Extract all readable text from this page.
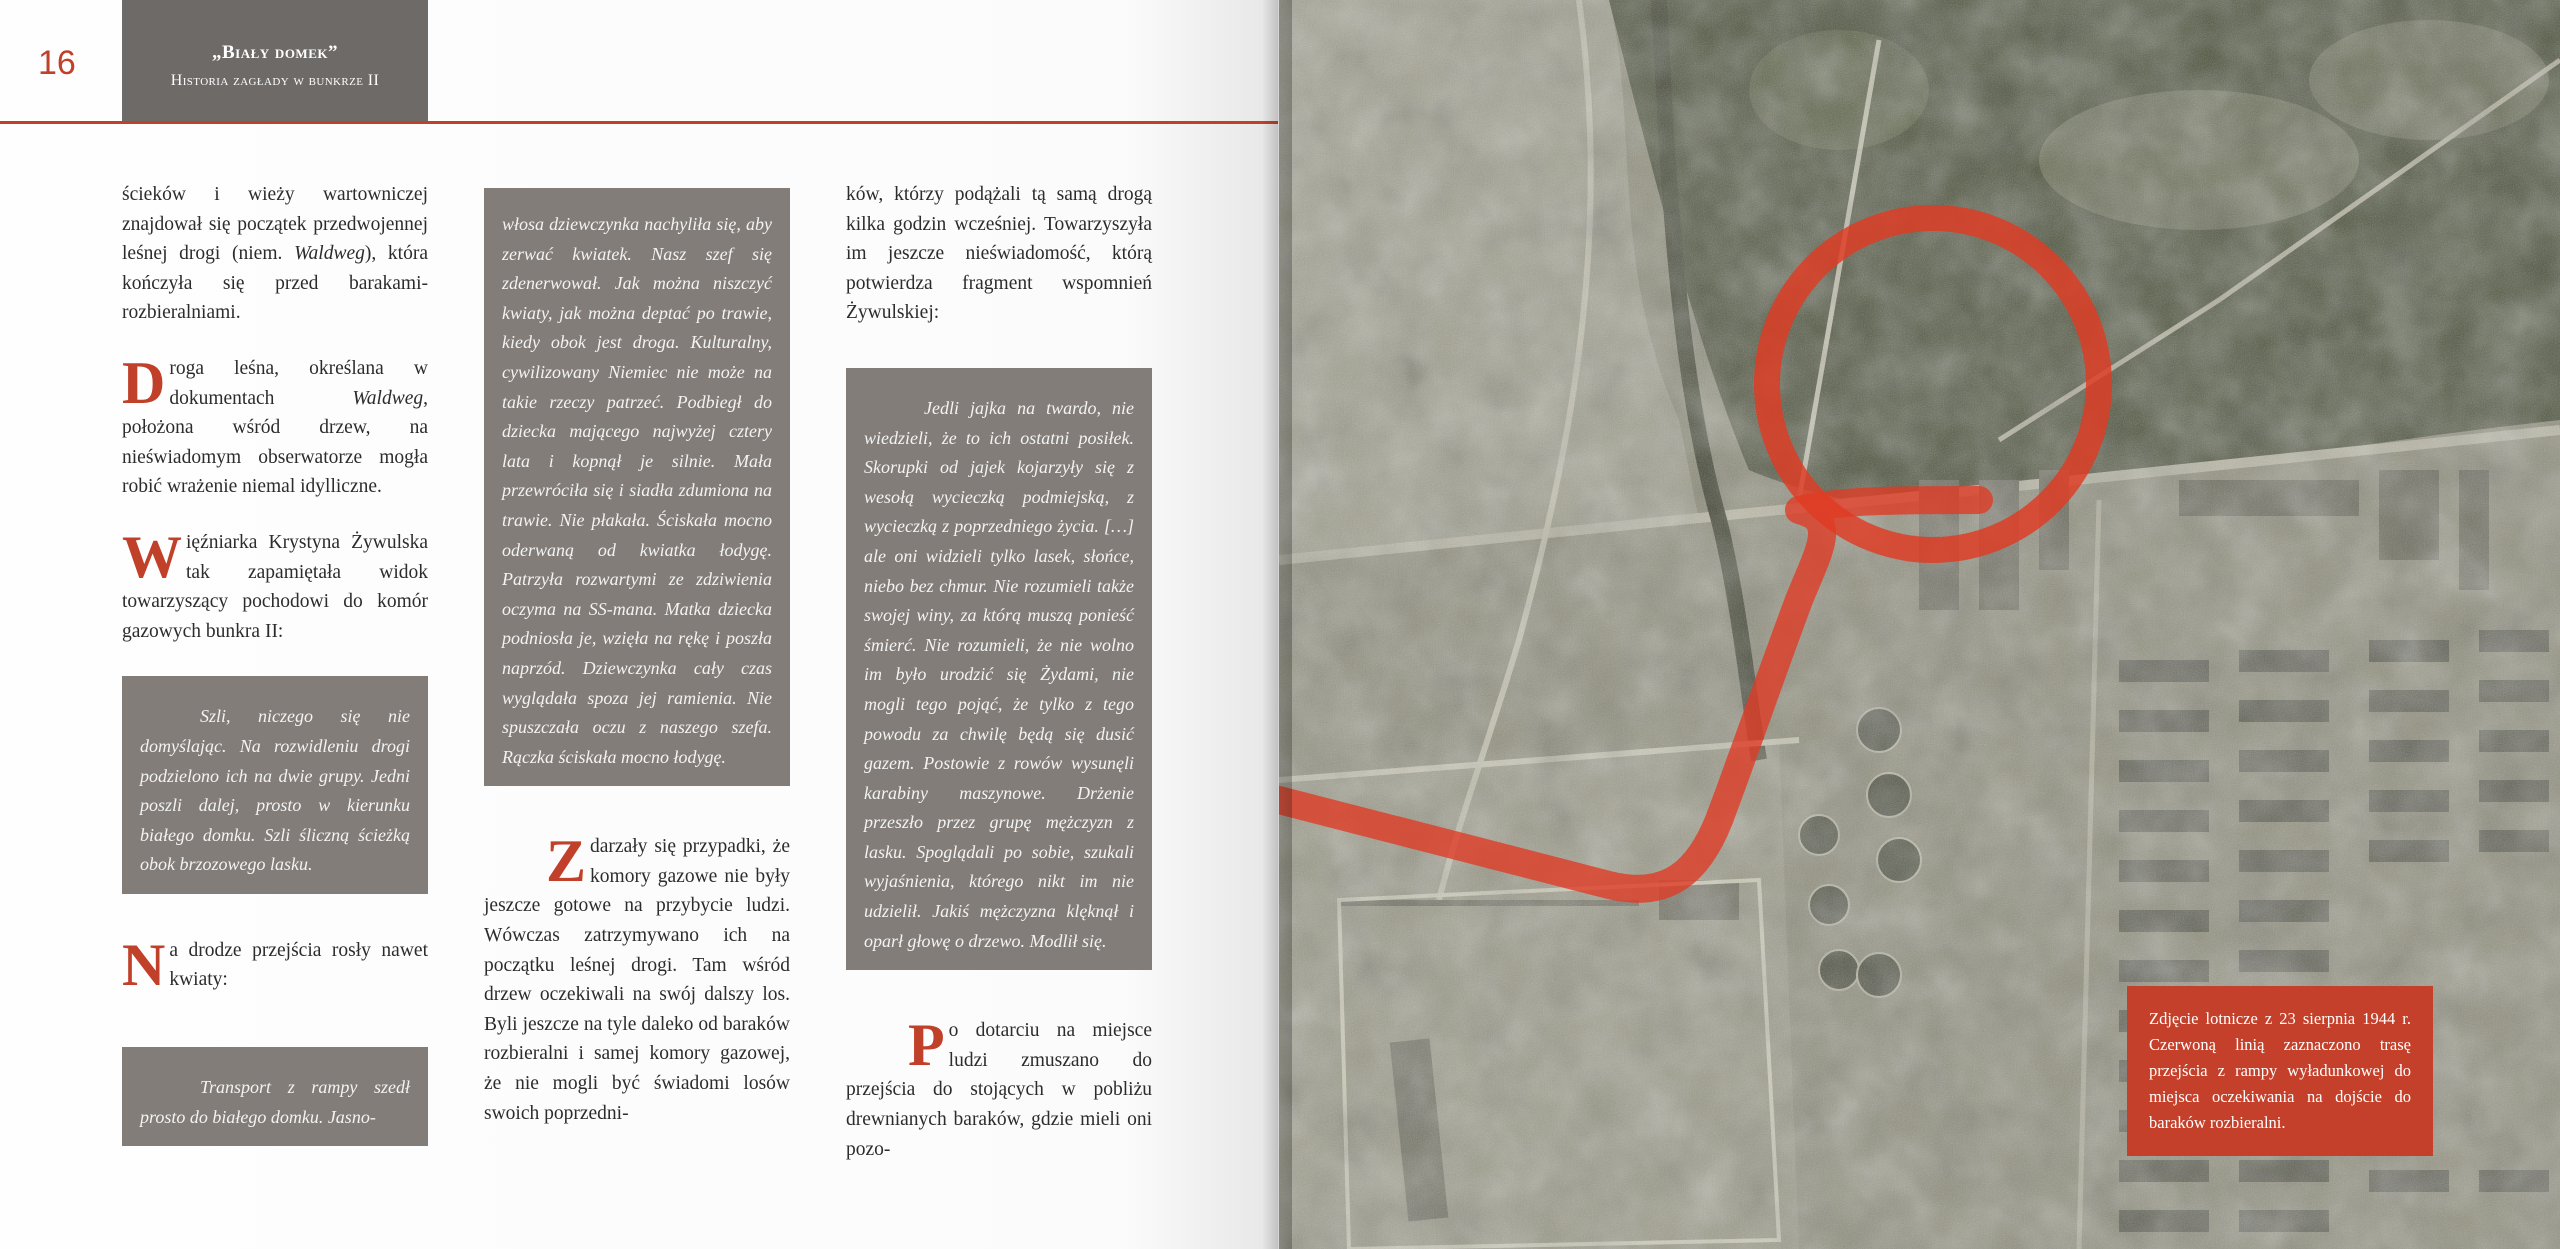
16	„Biały domek”
Historia zagłady w bunkrze II

ścieków i wieży wartowniczej znajdował się początek przedwojennej leśnej drogi (niem. Waldweg), która kończyła się przed barakami-rozbieralniami.

Droga leśna, określana w dokumentach Waldweg, położona wśród drzew, na nieświadomym obserwatorze mogła robić wrażenie niemal idylliczne.

Więźniarka Krystyna Żywulska tak zapamiętała widok towarzyszący pochodowi do komór gazowych bunkra II:

Szli, niczego się nie domyślając. Na rozwidleniu drogi podzielono ich na dwie grupy. Jedni poszli dalej, prosto w kierunku białego domku. Szli śliczną ścieżką obok brzozowego lasku.

Na drodze przejścia rosły nawet kwiaty:

Transport z rampy szedł prosto do białego domku. Jasno-
włosa dziewczynka nachyliła się, aby zerwać kwiatek. Nasz szef się zdenerwował. Jak można niszczyć kwiaty, jak można deptać po trawie, kiedy obok jest droga. Kulturalny, cywilizowany Niemiec nie może na takie rzeczy patrzeć. Podbiegł do dziecka mającego najwyżej cztery lata i kopnął je silnie. Mała przewróciła się i siadła zdumiona na trawie. Nie płakała. Ściskała mocno oderwaną od kwiatka łodygę. Patrzyła rozwartymi ze zdziwienia oczyma na SS-mana. Matka dziecka podniosła je, wzięła na rękę i poszła naprzód. Dziewczynka cały czas wyglądała spoza jej ramienia. Nie spuszczała oczu z naszego szefa. Rączka ściskała mocno łodygę.

Zdarzały się przypadki, że komory gazowe nie były jeszcze gotowe na przybycie ludzi. Wówczas zatrzymywano ich na początku leśnej drogi. Tam wśród drzew oczekiwali na swój dalszy los. Byli jeszcze na tyle daleko od baraków rozbieralni i samej komory gazowej, że nie mogli być świadomi losów swoich poprzedni-

ków, którzy podążali tą samą drogą kilka godzin wcześniej. Towarzyszyła im jeszcze nieświadomość, którą potwierdza fragment wspomnień Żywulskiej:

Jedli jajka na twardo, nie wiedzieli, że to ich ostatni posiłek. Skorupki od jajek kojarzyły się z wesołą wycieczką podmiejską, z wycieczką z poprzedniego życia. […] ale oni widzieli tylko lasek, słońce, niebo bez chmur. Nie rozumieli także swojej winy, za którą muszą ponieść śmierć. Nie rozumieli, że nie wolno im było urodzić się Żydami, nie mogli tego pojąć, że tylko z tego powodu za chwilę będą się dusić gazem. Postowie z rowów wysunęli karabiny maszynowe. Drżenie przeszło przez grupę mężczyzn z lasku. Spoglądali po sobie, szukali wyjaśnienia, którego nikt im nie udzielił. Jakiś mężczyzna klęknął i oparł głowę o drzewo. Modlił się.

Po dotarciu na miejsce ludzi zmuszano do przejścia do stojących w pobliżu drewnianych baraków, gdzie mieli oni pozo-

Zdjęcie lotnicze z 23 sierpnia 1944 r. Czerwoną linią zaznaczono trasę przejścia z rampy wyładunkowej do miejsca oczekiwania na dojście do baraków rozbieralni.
